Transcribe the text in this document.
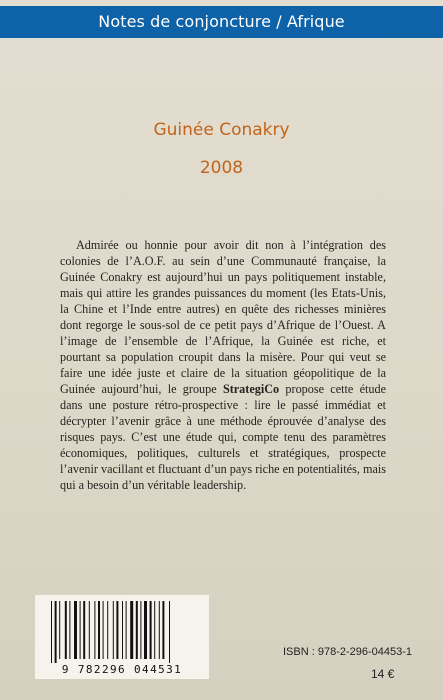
Notes de conjoncture / Afrique
Guinée Conakry
2008

Admirée ou honnie pour avoir dit non à l’intégration des colonies de l’A.O.F. au sein d’une Communauté française, la Guinée Conakry est aujourd’hui un pays politiquement instable, mais qui attire les grandes puissances du moment (les Etats-Unis, la Chine et l’Inde entre autres) en quête des richesses minières dont regorge le sous-sol de ce petit pays d’Afrique de l’Ouest. A l’image de l’ensemble de l’Afrique, la Guinée est riche, et pourtant sa population croupit dans la misère. Pour qui veut se faire une idée juste et claire de la situation géopolitique de la Guinée aujourd’hui, le groupe StrategiCo propose cette étude dans une posture rétro-prospective : lire le passé immédiat et décrypter l’avenir grâce à une méthode éprouvée d’analyse des risques pays. C’est une étude qui, compte tenu des paramètres économiques, politiques, culturels et stratégiques, prospecte l’avenir vacillant et fluctuant d’un pays riche en potentialités, mais qui a besoin d’un véritable leadership.

9 782296 044531
ISBN : 978-2-296-04453-1
14 €
